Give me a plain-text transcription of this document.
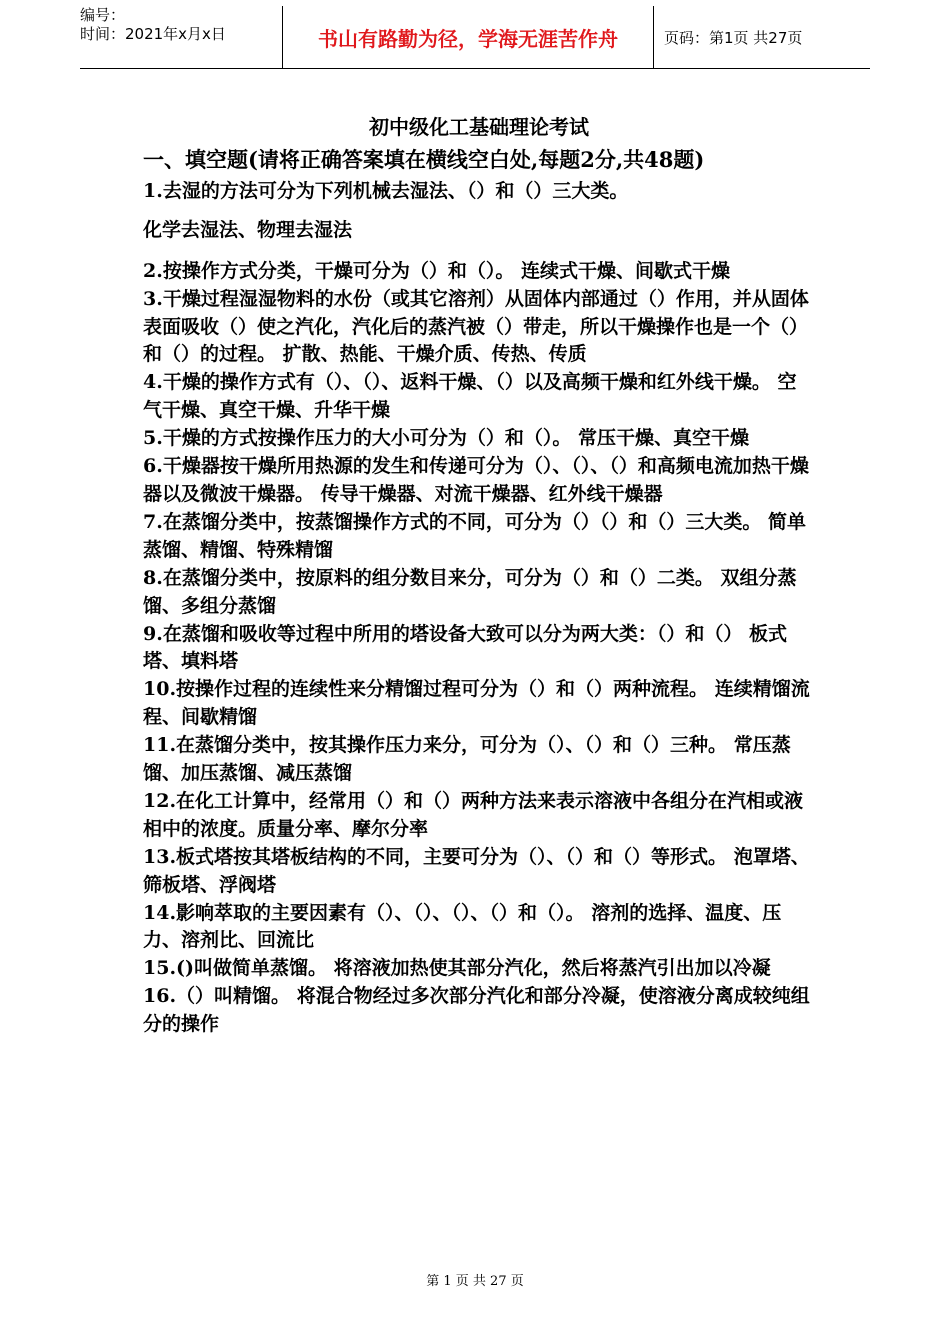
编号：
时间：2021年x月x日	书山有路勤为径，学海无涯苦作舟	页码：第1页 共27页
初中级化工基础理论考试
一、填空题(请将正确答案填在横线空白处,每题2分,共48题)
1.去湿的方法可分为下列机械去湿法、（）和（）三大类。
化学去湿法、物理去湿法
2.按操作方式分类，干燥可分为（）和（）。 连续式干燥、间歇式干燥
3.干燥过程湿湿物料的水份（或其它溶剂）从固体内部通过（）作用，并从固体表面吸收（）使之汽化，汽化后的蒸汽被（）带走，所以干燥操作也是一个（）和（）的过程。 扩散、热能、干燥介质、传热、传质
4.干燥的操作方式有（）、（）、返料干燥、（）以及高频干燥和红外线干燥。 空气干燥、真空干燥、升华干燥
5.干燥的方式按操作压力的大小可分为（）和（）。 常压干燥、真空干燥
6.干燥器按干燥所用热源的发生和传递可分为（）、（）、（）和高频电流加热干燥器以及微波干燥器。 传导干燥器、对流干燥器、红外线干燥器
7.在蒸馏分类中，按蒸馏操作方式的不同，可分为（）（）和（）三大类。 简单蒸馏、精馏、特殊精馏
8.在蒸馏分类中，按原料的组分数目来分，可分为（）和（）二类。 双组分蒸馏、多组分蒸馏
9.在蒸馏和吸收等过程中所用的塔设备大致可以分为两大类：（）和（） 板式塔、填料塔
10.按操作过程的连续性来分精馏过程可分为（）和（）两种流程。 连续精馏流程、间歇精馏
11.在蒸馏分类中，按其操作压力来分，可分为（）、（）和（）三种。 常压蒸馏、加压蒸馏、减压蒸馏
12.在化工计算中，经常用（）和（）两种方法来表示溶液中各组分在汽相或液相中的浓度。质量分率、摩尔分率
13.板式塔按其塔板结构的不同，主要可分为（）、（）和（）等形式。 泡罩塔、筛板塔、浮阀塔
14.影响萃取的主要因素有（）、（）、（）、（）和（）。 溶剂的选择、温度、压力、溶剂比、回流比
15.()叫做简单蒸馏。 将溶液加热使其部分汽化，然后将蒸汽引出加以冷凝
16.（）叫精馏。 将混合物经过多次部分汽化和部分冷凝，使溶液分离成较纯组分的操作
第 1 页 共 27 页
